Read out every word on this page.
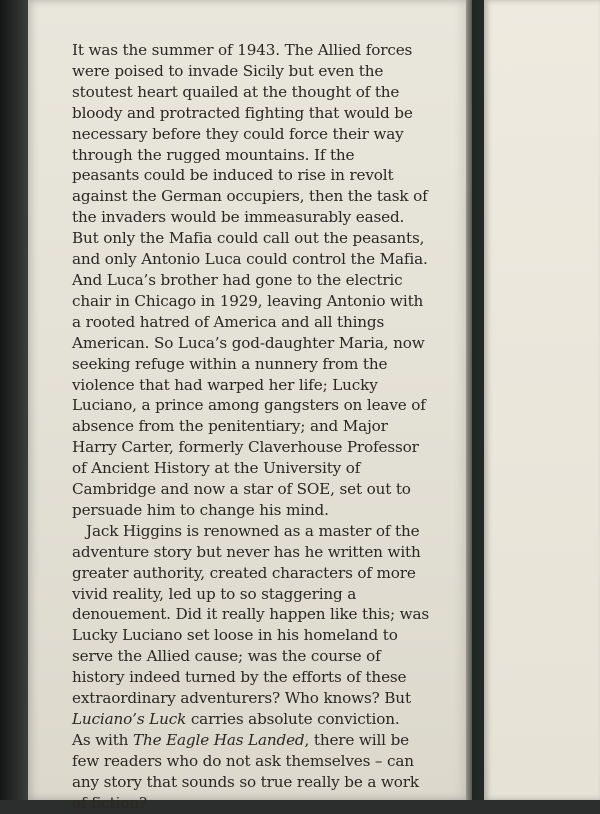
It was the summer of 1943. The Allied forces
were poised to invade Sicily but even the
stoutest heart quailed at the thought of the
bloody and protracted fighting that would be
necessary before they could force their way
through the rugged mountains. If the
peasants could be induced to rise in revolt
against the German occupiers, then the task of
the invaders would be immeasurably eased.
But only the Mafia could call out the peasants,
and only Antonio Luca could control the Mafia.
And Luca’s brother had gone to the electric
chair in Chicago in 1929, leaving Antonio with
a rooted hatred of America and all things
American. So Luca’s god-daughter Maria, now
seeking refuge within a nunnery from the
violence that had warped her life; Lucky
Luciano, a prince among gangsters on leave of
absence from the penitentiary; and Major
Harry Carter, formerly Claverhouse Professor
of Ancient History at the University of
Cambridge and now a star of SOE, set out to
persuade him to change his mind.
Jack Higgins is renowned as a master of the
adventure story but never has he written with
greater authority, created characters of more
vivid reality, led up to so staggering a
denouement. Did it really happen like this; was
Lucky Luciano set loose in his homeland to
serve the Allied cause; was the course of
history indeed turned by the efforts of these
extraordinary adventurers? Who knows? But
Luciano’s Luck carries absolute conviction.
As with The Eagle Has Landed, there will be
few readers who do not ask themselves – can
any story that sounds so true really be a work
of fiction?
